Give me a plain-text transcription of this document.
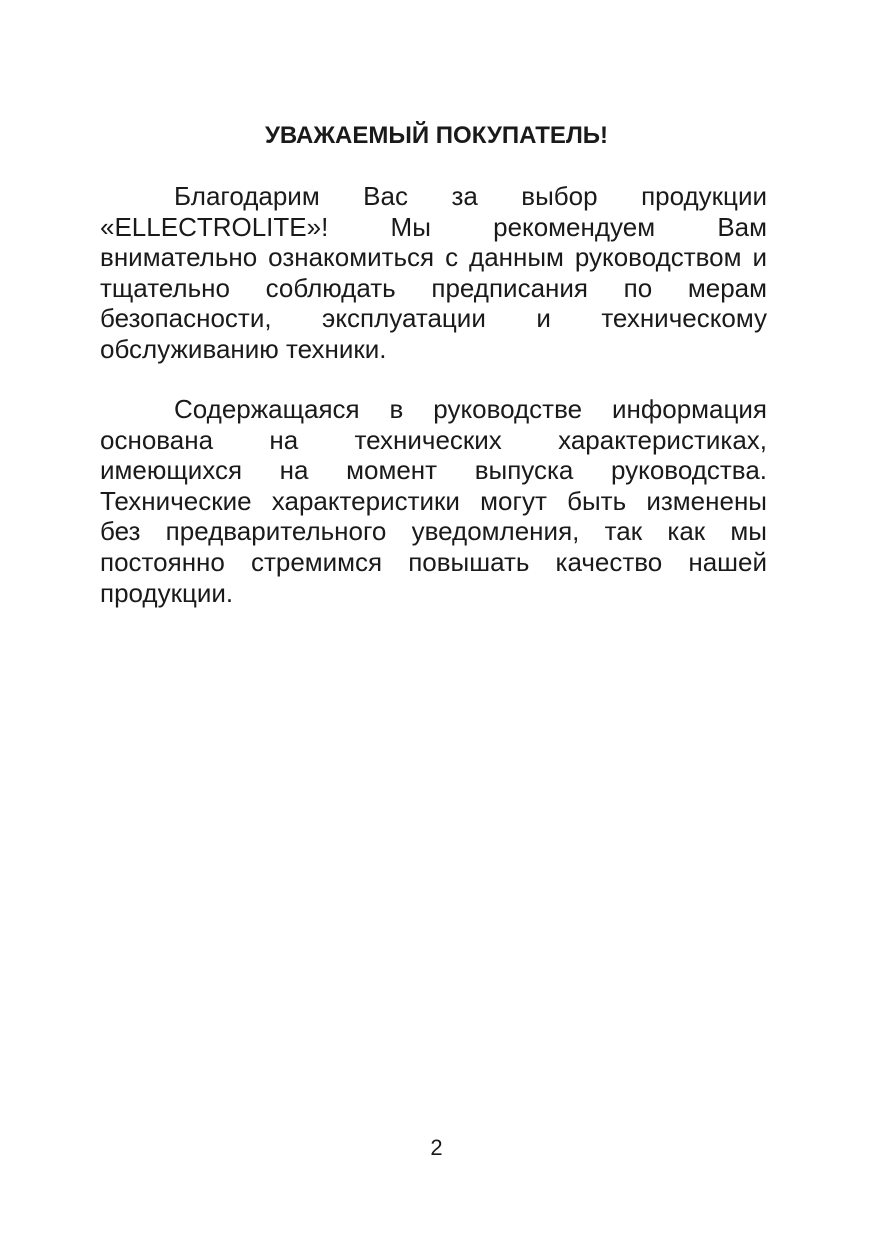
УВАЖАЕМЫЙ ПОКУПАТЕЛЬ!

Благодарим Вас за выбор продукции
«ELLECTROLITE»! Мы рекомендуем Вам
внимательно ознакомиться с данным руководством и
тщательно соблюдать предписания по мерам
безопасности, эксплуатации и техническому
обслуживанию техники.

Содержащаяся в руководстве информация
основана на технических характеристиках,
имеющихся на момент выпуска руководства.
Технические характеристики могут быть изменены
без предварительного уведомления, так как мы
постоянно стремимся повышать качество нашей
продукции.

2
